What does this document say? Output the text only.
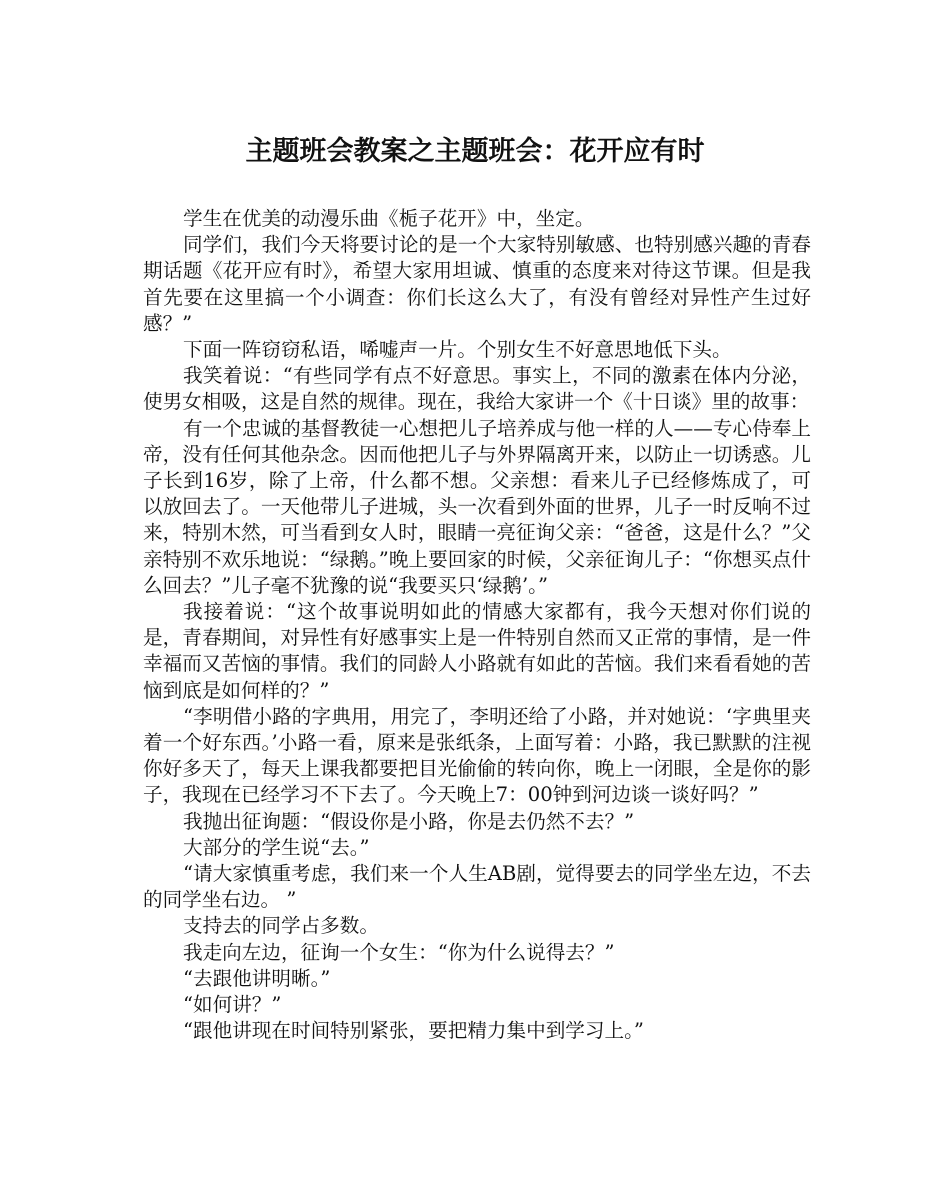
主题班会教案之主题班会：花开应有时

学生在优美的动漫乐曲《栀子花开》中，坐定。

同学们，我们今天将要讨论的是一个大家特别敏感、也特别感兴趣的青春期话题《花开应有时》，希望大家用坦诚、慎重的态度来对待这节课。但是我首先要在这里搞一个小调查：你们长这么大了，有没有曾经对异性产生过好感？”

下面一阵窃窃私语，唏嘘声一片。个别女生不好意思地低下头。

我笑着说：“有些同学有点不好意思。事实上，不同的激素在体内分泌，使男女相吸，这是自然的规律。现在，我给大家讲一个《十日谈》里的故事：

有一个忠诚的基督教徒一心想把儿子培养成与他一样的人——专心侍奉上帝，没有任何其他杂念。因而他把儿子与外界隔离开来，以防止一切诱惑。儿子长到16岁，除了上帝，什么都不想。父亲想：看来儿子已经修炼成了，可以放回去了。一天他带儿子进城，头一次看到外面的世界，儿子一时反响不过来，特别木然，可当看到女人时，眼睛一亮征询父亲：“爸爸，这是什么？”父亲特别不欢乐地说：“绿鹅。”晚上要回家的时候，父亲征询儿子：“你想买点什么回去？”儿子毫不犹豫的说“我要买只‘绿鹅’。”

我接着说：“这个故事说明如此的情感大家都有，我今天想对你们说的是，青春期间，对异性有好感事实上是一件特别自然而又正常的事情，是一件幸福而又苦恼的事情。我们的同龄人小路就有如此的苦恼。我们来看看她的苦恼到底是如何样的？”

“李明借小路的字典用，用完了，李明还给了小路，并对她说：‘字典里夹着一个好东西。’小路一看，原来是张纸条，上面写着：小路，我已默默的注视你好多天了，每天上课我都要把目光偷偷的转向你，晚上一闭眼，全是你的影子，我现在已经学习不下去了。今天晚上7：00钟到河边谈一谈好吗？”

我抛出征询题：“假设你是小路，你是去仍然不去？”

大部分的学生说“去。”

“请大家慎重考虑，我们来一个人生AB剧，觉得要去的同学坐左边，不去的同学坐右边。 ”

支持去的同学占多数。

我走向左边，征询一个女生：“你为什么说得去？”

“去跟他讲明晰。”

“如何讲？”

“跟他讲现在时间特别紧张，要把精力集中到学习上。”
